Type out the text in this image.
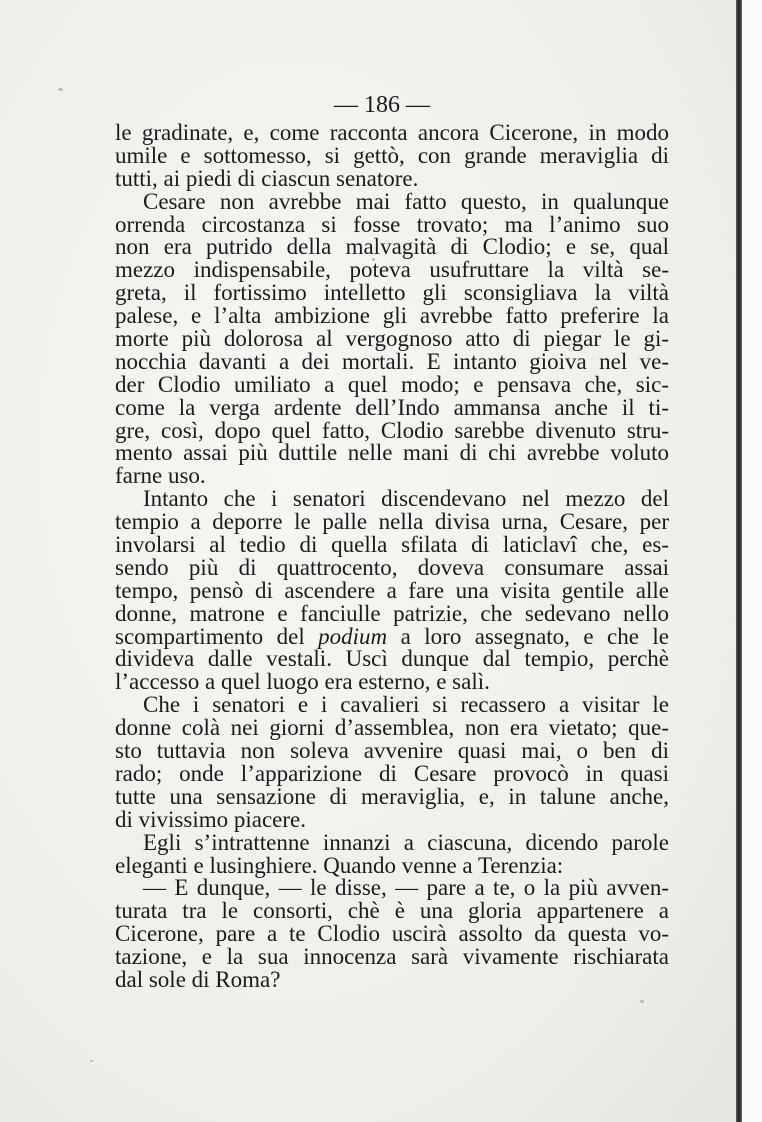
— 186 —
le gradinate, e, come racconta ancora Cicerone, in modo
umile e sottomesso, si gettò, con grande meraviglia di
tutti, ai piedi di ciascun senatore.
Cesare non avrebbe mai fatto questo, in qualunque
orrenda circostanza si fosse trovato; ma l’animo suo
non era putrido della malvagità di Clodio; e se, qual
mezzo indispensabile, poteva usufruttare la viltà se-
greta, il fortissimo intelletto gli sconsigliava la viltà
palese, e l’alta ambizione gli avrebbe fatto preferire la
morte più dolorosa al vergognoso atto di piegar le gi-
nocchia davanti a dei mortali. E intanto gioiva nel ve-
der Clodio umiliato a quel modo; e pensava che, sic-
come la verga ardente dell’Indo ammansa anche il ti-
gre, così, dopo quel fatto, Clodio sarebbe divenuto stru-
mento assai più duttile nelle mani di chi avrebbe voluto
farne uso.
Intanto che i senatori discendevano nel mezzo del
tempio a deporre le palle nella divisa urna, Cesare, per
involarsi al tedio di quella sfilata di laticlavî che, es-
sendo più di quattrocento, doveva consumare assai
tempo, pensò di ascendere a fare una visita gentile alle
donne, matrone e fanciulle patrizie, che sedevano nello
scompartimento del podium a loro assegnato, e che le
dividevа dalle vestali. Uscì dunque dal tempio, perchè
l’accesso a quel luogo era esterno, e salì.
Che i senatori e i cavalieri si recassero a visitar le
donne colà nei giorni d’assemblea, non era vietato; que-
sto tuttavia non soleva avvenire quasi mai, o ben di
rado; onde l’apparizione di Cesare provocò in quasi
tutte una sensazione di meraviglia, e, in talune anche,
di vivissimo piacere.
Egli s’intrattenne innanzi a ciascuna, dicendo parole
eleganti e lusinghiere. Quando venne a Terenzia:
— E dunque, — le disse, — pare a te, o la più avven-
turata tra le consorti, chè è una gloria appartenere a
Cicerone, pare a te Clodio uscirà assolto da questa vo-
tazione, e la sua innocenza sarà vivamente rischiarata
dal sole di Roma?
